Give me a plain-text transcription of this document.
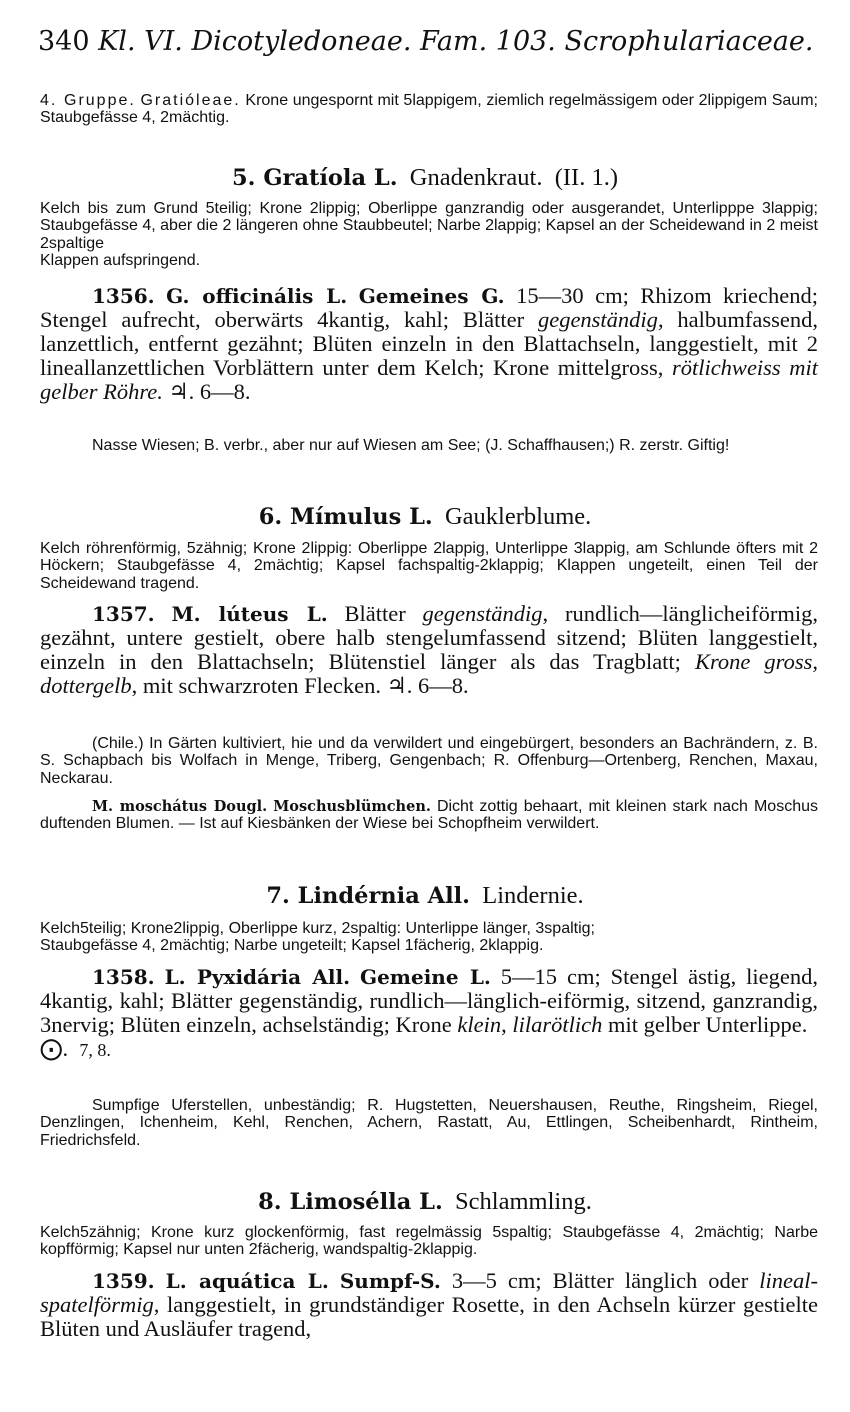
340 Kl. VI. Dicotyledoneae. Fam. 103. Scrophulariaceae.
4. Gruppe. Gratióleae. Krone ungespornt mit 5lappigem, ziemlich regelmässigem oder 2lippigem Saum; Staubgefässe 4, 2mächtig.
5. Gratíola L. Gnadenkraut. (II. 1.)
Kelch bis zum Grund 5teilig; Krone 2lippig; Oberlippe ganzrandig oder ausgerandet, Unterlipppe 3lappig; Staubgefässe 4, aber die 2 längeren ohne Staubbeutel; Narbe 2lappig; Kapsel an der Scheidewand in 2 meist 2spaltige
Klappen aufspringend.
1356. G. officinális L. Gemeines G. 15—30 cm; Rhizom kriechend; Stengel aufrecht, oberwärts 4kantig, kahl; Blätter gegenständig, halbumfassend, lanzettlich, entfernt gezähnt; Blüten einzeln in den Blattachseln, langgestielt, mit 2 lineallanzettlichen Vorblättern unter dem Kelch; Krone mittelgross, rötlichweiss mit gelber Röhre. ♃. 6—8.
Nasse Wiesen; B. verbr., aber nur auf Wiesen am See; (J. Schaffhausen;) R. zerstr. Giftig!
6. Mímulus L. Gauklerblume.
Kelch röhrenförmig, 5zähnig; Krone 2lippig: Oberlippe 2lappig, Unterlippe 3lappig, am Schlunde öfters mit 2 Höckern; Staubgefässe 4, 2mächtig; Kapsel fachspaltig-2klappig; Klappen ungeteilt, einen Teil der Scheidewand tragend.
1357. M. lúteus L. Blätter gegenständig, rundlich—länglicheiförmig, gezähnt, untere gestielt, obere halb stengelumfassend sitzend; Blüten langgestielt, einzeln in den Blattachseln; Blütenstiel länger als das Tragblatt; Krone gross, dottergelb, mit schwarzroten Flecken. ♃. 6—8.
(Chile.) In Gärten kultiviert, hie und da verwildert und eingebürgert, besonders an Bachrändern, z. B. S. Schapbach bis Wolfach in Menge, Triberg, Gengenbach; R. Offenburg—Ortenberg, Renchen, Maxau, Neckarau.
M. moschátus Dougl. Moschusblümchen. Dicht zottig behaart, mit kleinen stark nach Moschus duftenden Blumen. — Ist auf Kiesbänken der Wiese bei Schopfheim verwildert.
7. Lindérnia All. Lindernie.
Kelch5teilig; Krone2lippig, Oberlippe kurz, 2spaltig: Unterlippe länger, 3spaltig;
Staubgefässe 4, 2mächtig; Narbe ungeteilt; Kapsel 1fächerig, 2klappig.
1358. L. Pyxidária All. Gemeine L. 5—15 cm; Stengel ästig, liegend, 4kantig, kahl; Blätter gegenständig, rundlich—länglich-eiförmig, sitzend, ganzrandig, 3nervig; Blüten einzeln, achselständig; Krone klein, lilarötlich mit gelber Unterlippe.
⨀. 7, 8.
Sumpfige Uferstellen, unbeständig; R. Hugstetten, Neuershausen, Reuthe, Ringsheim, Riegel, Denzlingen, Ichenheim, Kehl, Renchen, Achern, Rastatt, Au, Ettlingen, Scheibenhardt, Rintheim, Friedrichsfeld.
8. Limosélla L. Schlammling.
Kelch5zähnig; Krone kurz glockenförmig, fast regelmässig 5spaltig; Staubgefässe 4, 2mächtig; Narbe kopfförmig; Kapsel nur unten 2fächerig, wandspaltig-2klappig.
1359. L. aquática L. Sumpf-S. 3—5 cm; Blätter länglich oder lineal-spatelförmig, langgestielt, in grundständiger Rosette, in den Achseln kürzer gestielte Blüten und Ausläufer tragend,
